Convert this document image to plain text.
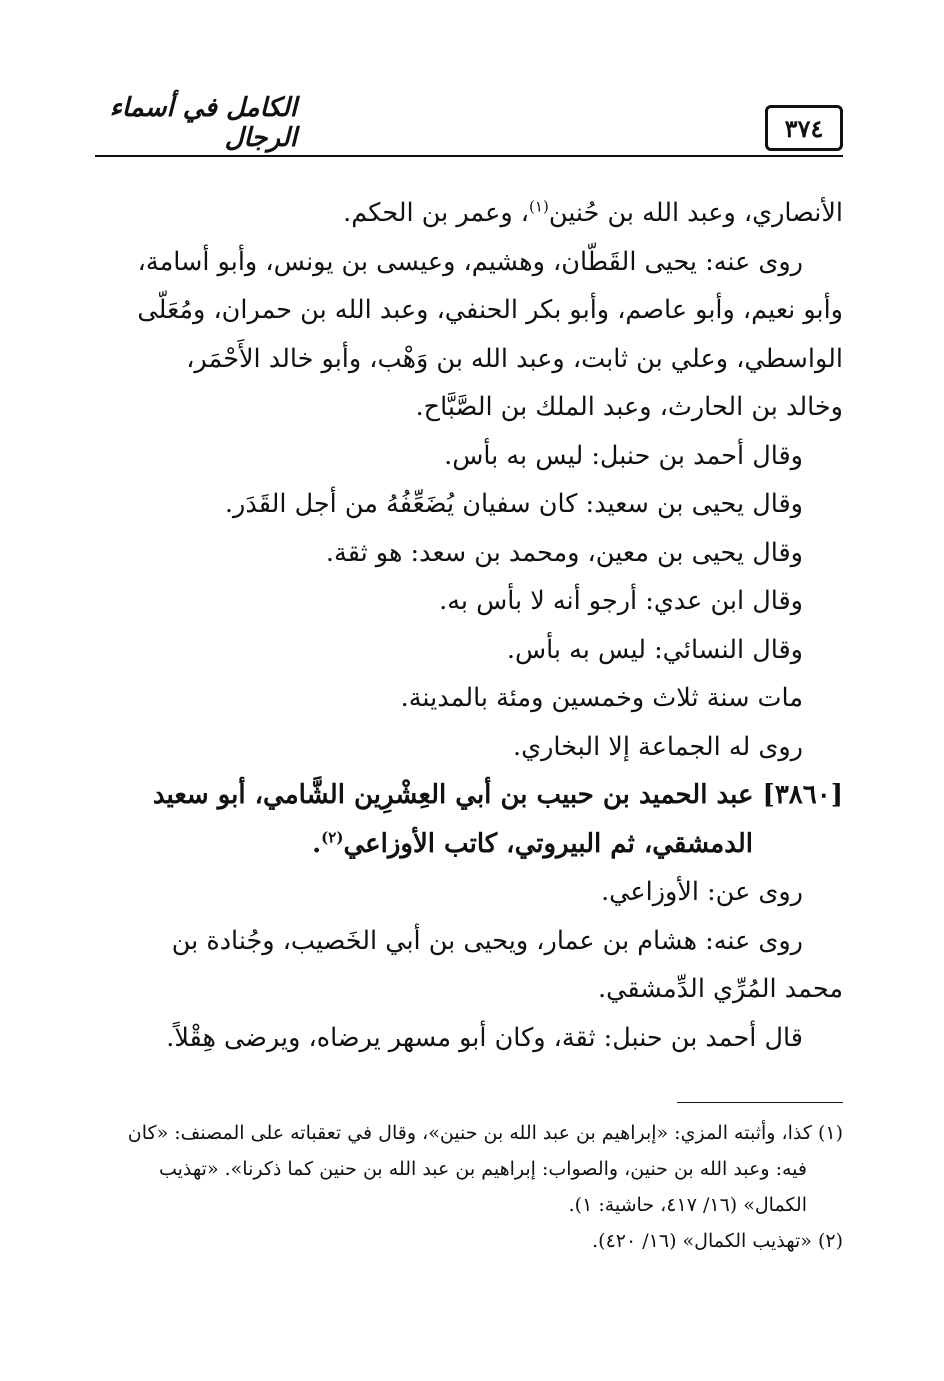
٣٧٤
الكامل في أسماء الرجال

الأنصاري، وعبد الله بن حُنين$^{(١)}$، وعمر بن الحكم.

روى عنه: يحيى القَطّان، وهشيم، وعيسى بن يونس، وأبو أسامة،

وأبو نعيم، وأبو عاصم، وأبو بكر الحنفي، وعبد الله بن حمران، ومُعَلّى

الواسطي، وعلي بن ثابت، وعبد الله بن وَهْب، وأبو خالد الأَحْمَر،

وخالد بن الحارث، وعبد الملك بن الصَّبَّاح.

وقال أحمد بن حنبل: ليس به بأس.

وقال يحيى بن سعيد: كان سفيان يُضَعِّفُهُ من أجل القَدَر.

وقال يحيى بن معين، ومحمد بن سعد: هو ثقة.

وقال ابن عدي: أرجو أنه لا بأس به.

وقال النسائي: ليس به بأس.

مات سنة ثلاث وخمسين ومئة بالمدينة.

روى له الجماعة إلا البخاري.

[٣٨٦٠] عبد الحميد بن حبيب بن أبي العِشْرِين الشَّامي، أبو سعيد
الدمشقي، ثم البيروتي، كاتب الأوزاعي$^{(٢)}$.

روى عن: الأوزاعي.

روى عنه: هشام بن عمار، ويحيى بن أبي الخَصيب، وجُنادة بن

محمد المُرِّي الدِّمشقي.

قال أحمد بن حنبل: ثقة، وكان أبو مسهر يرضاه، ويرضى هِقْلاً.

(١) كذا، وأثبته المزي: «إبراهيم بن عبد الله بن حنين»، وقال في تعقباته على المصنف: «كان

فيه: وعبد الله بن حنين، والصواب: إبراهيم بن عبد الله بن حنين كما ذكرنا». «تهذيب

الكمال» (١٦/ ٤١٧، حاشية: ١).

(٢) «تهذيب الكمال» (١٦/ ٤٢٠).
